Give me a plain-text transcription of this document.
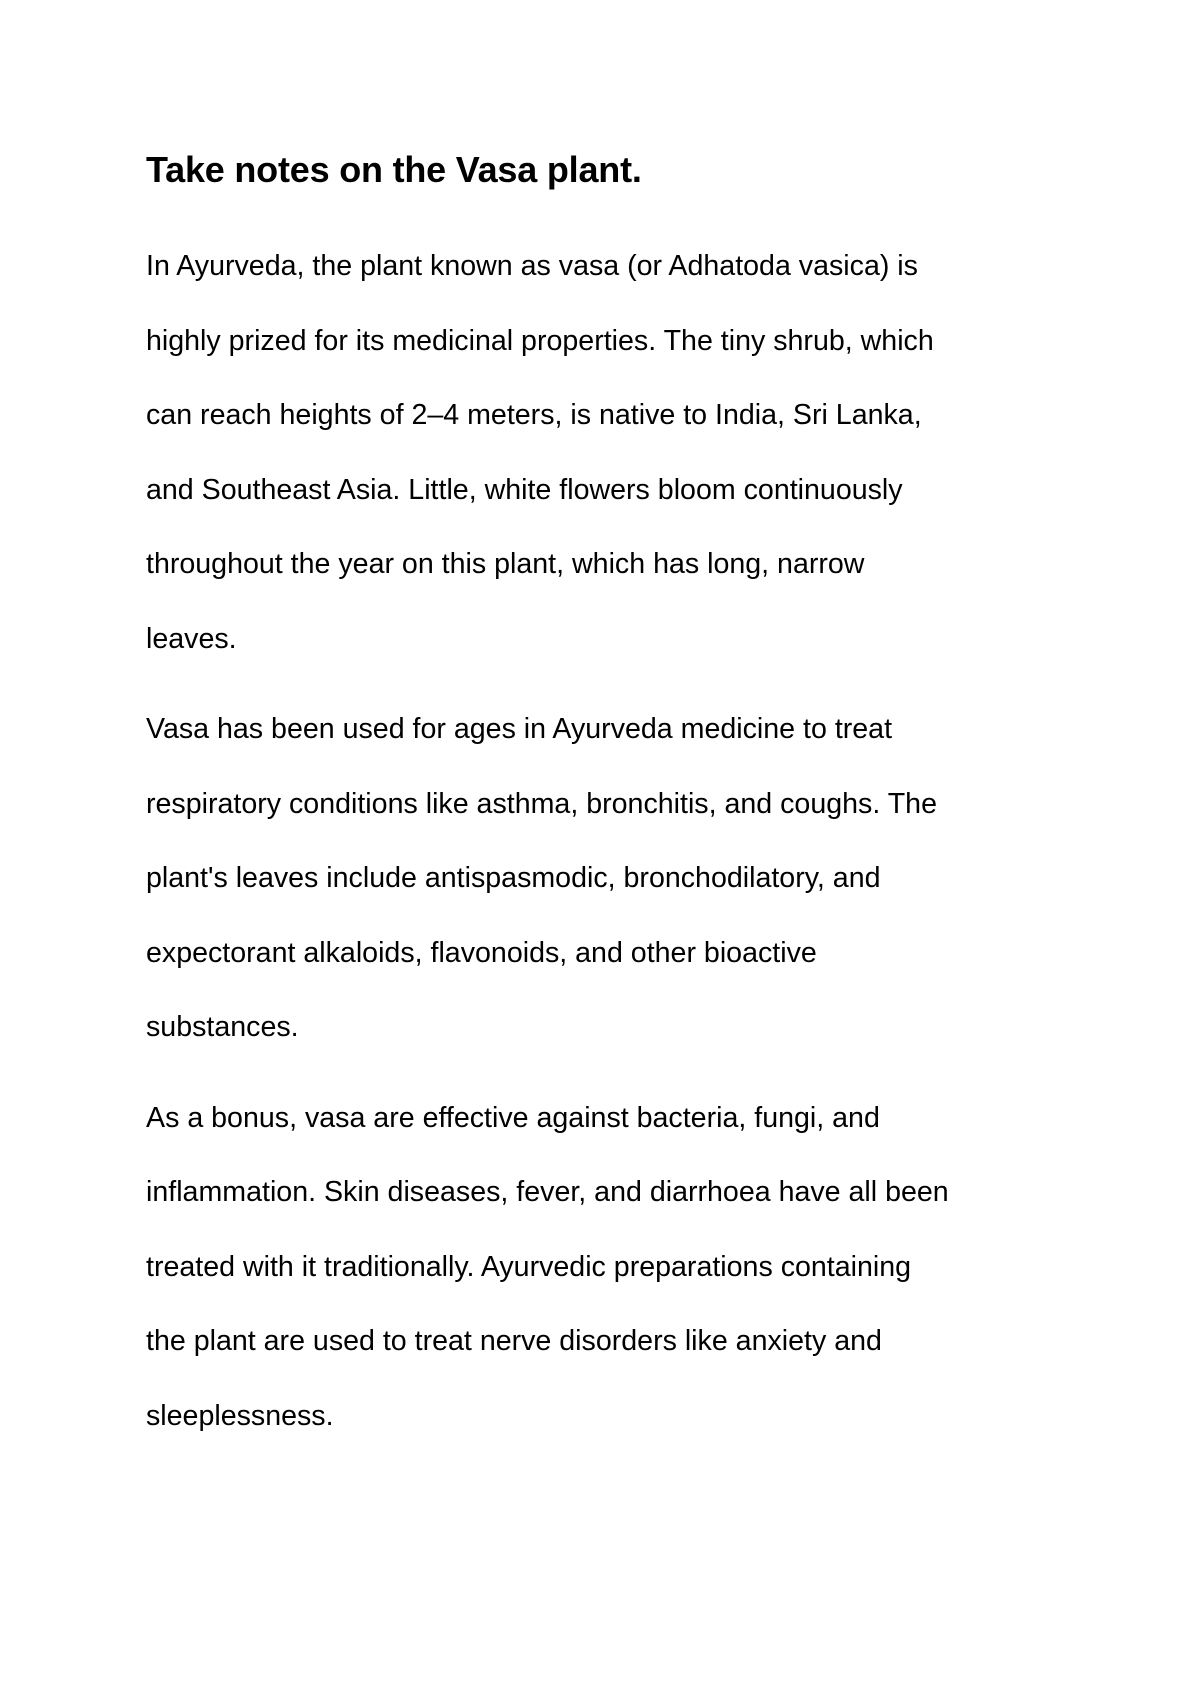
Take notes on the Vasa plant.

In Ayurveda, the plant known as vasa (or Adhatoda vasica) is
highly prized for its medicinal properties. The tiny shrub, which
can reach heights of 2–4 meters, is native to India, Sri Lanka,
and Southeast Asia. Little, white flowers bloom continuously
throughout the year on this plant, which has long, narrow
leaves.

Vasa has been used for ages in Ayurveda medicine to treat
respiratory conditions like asthma, bronchitis, and coughs. The
plant's leaves include antispasmodic, bronchodilatory, and
expectorant alkaloids, flavonoids, and other bioactive
substances.

As a bonus, vasa are effective against bacteria, fungi, and
inflammation. Skin diseases, fever, and diarrhoea have all been
treated with it traditionally. Ayurvedic preparations containing
the plant are used to treat nerve disorders like anxiety and
sleeplessness.
